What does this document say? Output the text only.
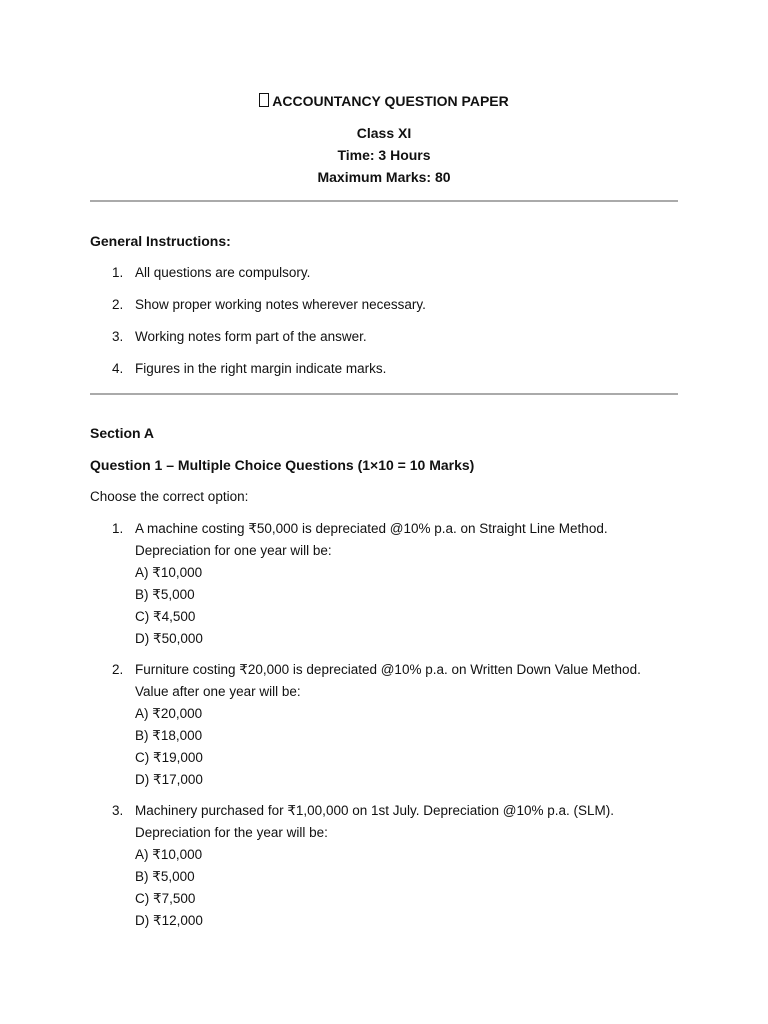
ACCOUNTANCY QUESTION PAPER
Class XI
Time: 3 Hours
Maximum Marks: 80
General Instructions:
1. All questions are compulsory.
2. Show proper working notes wherever necessary.
3. Working notes form part of the answer.
4. Figures in the right margin indicate marks.
Section A
Question 1 – Multiple Choice Questions (1×10 = 10 Marks)
Choose the correct option:
1. A machine costing ₹50,000 is depreciated @10% p.a. on Straight Line Method.
Depreciation for one year will be:
A) ₹10,000
B) ₹5,000
C) ₹4,500
D) ₹50,000
2. Furniture costing ₹20,000 is depreciated @10% p.a. on Written Down Value Method.
Value after one year will be:
A) ₹20,000
B) ₹18,000
C) ₹19,000
D) ₹17,000
3. Machinery purchased for ₹1,00,000 on 1st July. Depreciation @10% p.a. (SLM).
Depreciation for the year will be:
A) ₹10,000
B) ₹5,000
C) ₹7,500
D) ₹12,000
